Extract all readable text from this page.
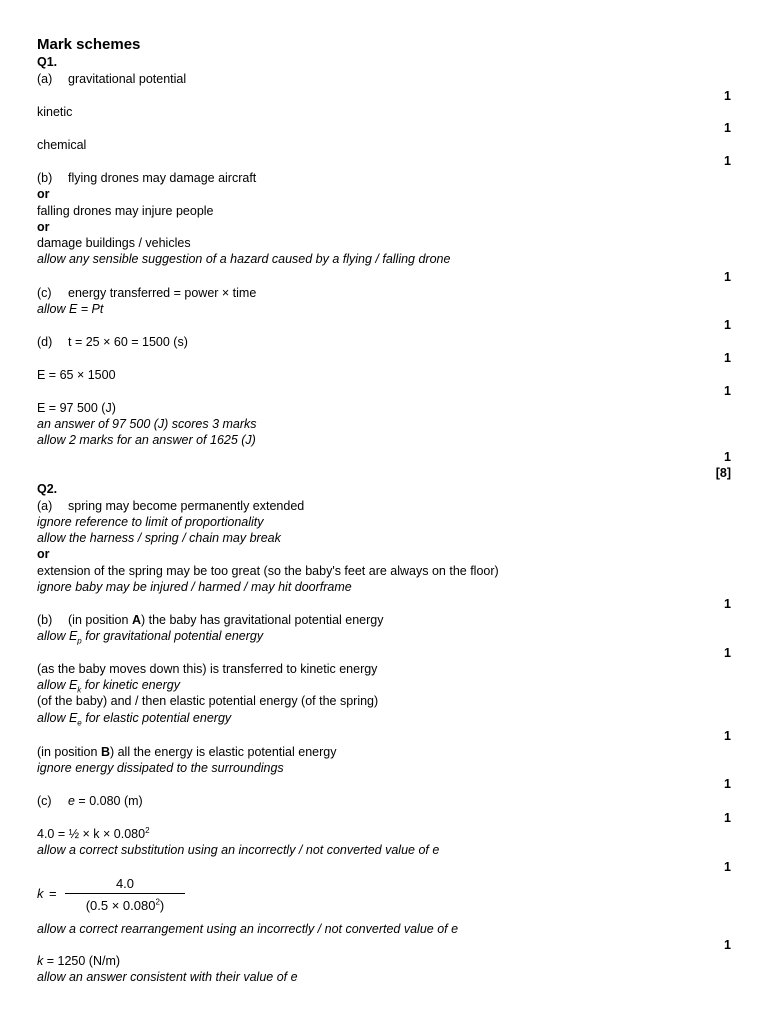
Mark schemes
Q1.
(a) gravitational potential
1
kinetic
1
chemical
1
(b) flying drones may damage aircraft
or
falling drones may injure people
or
damage buildings / vehicles
allow any sensible suggestion of a hazard caused by a flying / falling drone
1
(c) energy transferred = power × time
allow E = Pt
1
(d) t = 25 × 60 = 1500 (s)
1
E = 65 × 1500
1
E = 97 500 (J)
an answer of 97 500 (J) scores 3 marks
allow 2 marks for an answer of 1625 (J)
1
[8]
Q2.
(a) spring may become permanently extended
ignore reference to limit of proportionality
allow the harness / spring / chain may break
or
extension of the spring may be too great (so the baby's feet are always on the floor)
ignore baby may be injured / harmed / may hit doorframe
1
(b) (in position A) the baby has gravitational potential energy
allow $E_p$ for gravitational potential energy
1
(as the baby moves down this) is transferred to kinetic energy
allow $E_k$ for kinetic energy
(of the baby) and / then elastic potential energy (of the spring)
allow $E_e$ for elastic potential energy
1
(in position B) all the energy is elastic potential energy
ignore energy dissipated to the surroundings
1
(c) e = 0.080 (m)
1
4.0 = ½ × $k \times 0.080^2$
allow a correct substitution using an incorrectly / not converted value of e
1
k =
4.0
$(0.5 \times 0.080^2)$
allow a correct rearrangement using an incorrectly / not converted value of e
1
k = 1250 (N/m)
allow an answer consistent with their value of e
